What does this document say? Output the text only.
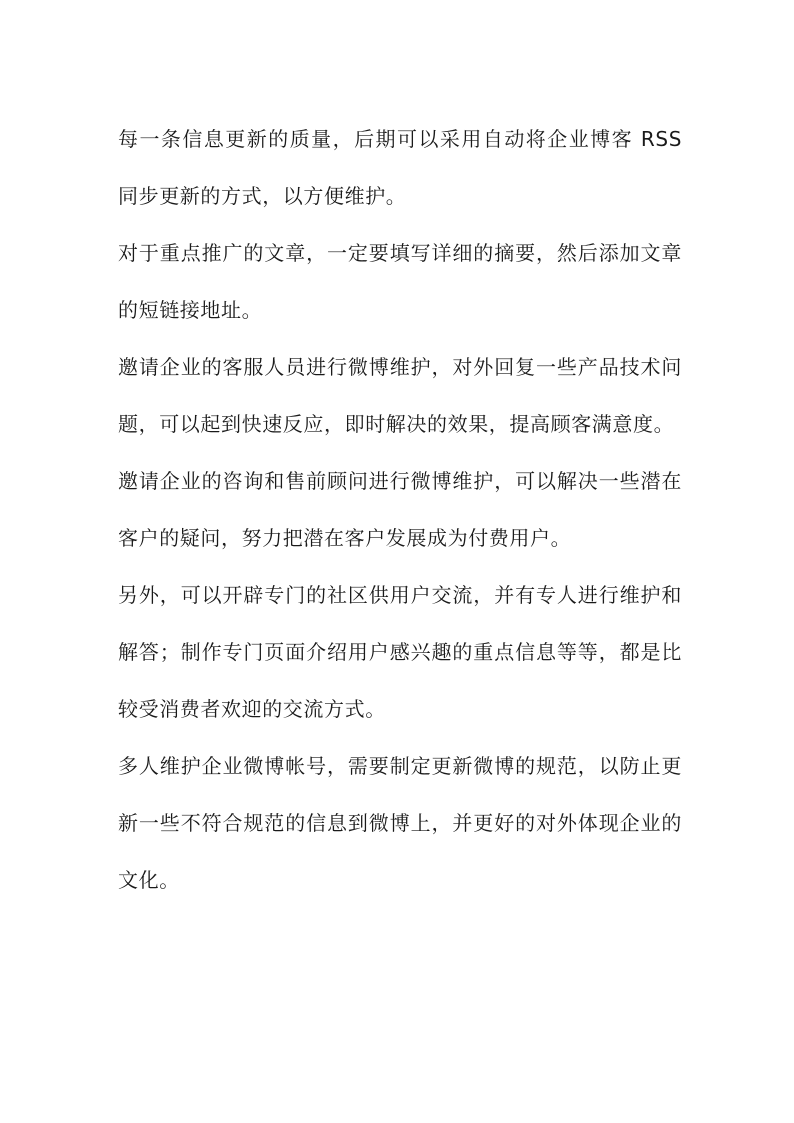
每一条信息更新的质量，后期可以采用自动将企业博客 RSS 同步更新的方式，以方便维护。

对于重点推广的文章，一定要填写详细的摘要，然后添加文章的短链接地址。

邀请企业的客服人员进行微博维护，对外回复一些产品技术问题，可以起到快速反应，即时解决的效果，提高顾客满意度。

邀请企业的咨询和售前顾问进行微博维护，可以解决一些潜在客户的疑问，努力把潜在客户发展成为付费用户。

另外，可以开辟专门的社区供用户交流，并有专人进行维护和解答；制作专门页面介绍用户感兴趣的重点信息等等，都是比较受消费者欢迎的交流方式。

多人维护企业微博帐号，需要制定更新微博的规范，以防止更新一些不符合规范的信息到微博上，并更好的对外体现企业的文化。
